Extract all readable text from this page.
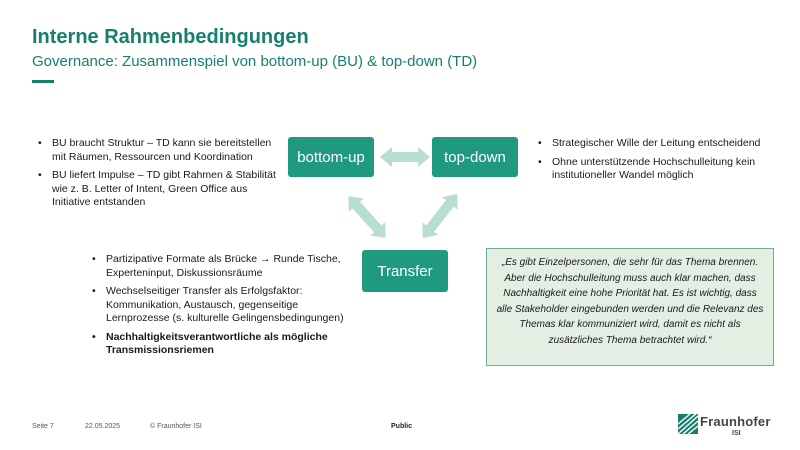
Interne Rahmenbedingungen
Governance: Zusammenspiel von bottom-up (BU) & top-down (TD)
bottom-up	top-down
Transfer
• BU braucht Struktur – TD kann sie bereitstellen mit Räumen, Ressourcen und Koordination
• BU liefert Impulse – TD gibt Rahmen & Stabilität wie z. B. Letter of Intent, Green Office aus Initiative entstanden
• Strategischer Wille der Leitung entscheidend
• Ohne unterstützende Hochschulleitung kein institutioneller Wandel möglich
• Partizipative Formate als Brücke → Runde Tische, Experteninput, Diskussionsräume
• Wechselseitiger Transfer als Erfolgsfaktor: Kommunikation, Austausch, gegenseitige Lernprozesse (s. kulturelle Gelingensbedingungen)
• Nachhaltigkeitsverantwortliche als mögliche Transmissionsriemen
„Es gibt Einzelpersonen, die sehr für das Thema brennen. Aber die Hochschulleitung muss auch klar machen, dass Nachhaltigkeit eine hohe Priorität hat. Es ist wichtig, dass alle Stakeholder eingebunden werden und die Relevanz des Themas klar kommuniziert wird, damit es nicht als zusätzliches Thema betrachtet wird.“
Seite 7	22.05.2025	© Fraunhofer ISI	Public	Fraunhofer
ISI
